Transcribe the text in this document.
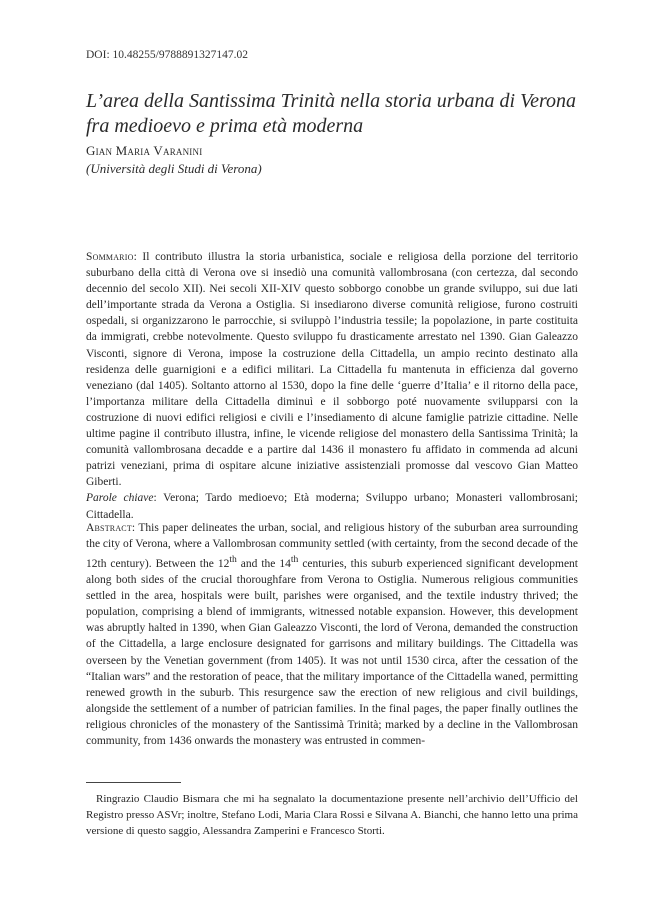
DOI: 10.48255/9788891327147.02
L’area della Santissima Trinità nella storia urbana di Verona
fra medioevo e prima età moderna
Gian Maria Varanini
(Università degli Studi di Verona)

Sommario: Il contributo illustra la storia urbanistica, sociale e religiosa della porzione del territorio suburbano della città di Verona ove si insediò una comunità vallombrosana (con certezza, dal secondo decennio del secolo XII). Nei secoli XII-XIV questo sobborgo conobbe un grande sviluppo, sui due lati dell’importante strada da Verona a Ostiglia. Si insediarono diverse comunità religiose, furono costruiti ospedali, si organizzarono le parrocchie, si sviluppò l’industria tessile; la popolazione, in parte costituita da immigrati, crebbe notevolmente. Questo sviluppo fu drasticamente arrestato nel 1390. Gian Galeazzo Visconti, signore di Verona, impose la costruzione della Cittadella, un ampio recinto destinato alla residenza delle guarnigioni e a edifici militari. La Cittadella fu mantenuta in efficienza dal governo veneziano (dal 1405). Soltanto attorno al 1530, dopo la fine delle ‘guerre d’Italia’ e il ritorno della pace, l’importanza militare della Cittadella diminuì e il sobborgo poté nuovamente svilupparsi con la costruzione di nuovi edifici religiosi e civili e l’insediamento di alcune famiglie patrizie cittadine. Nelle ultime pagine il contributo illustra, infine, le vicende religiose del monastero della Santissima Trinità; la comunità vallombrosana decadde e a partire dal 1436 il monastero fu affidato in commenda ad alcuni patrizi veneziani, prima di ospitare alcune iniziative assistenziali promosse dal vescovo Gian Matteo Giberti.
Parole chiave: Verona; Tardo medioevo; Età moderna; Sviluppo urbano; Monasteri vallombrosani; Cittadella.

Abstract: This paper delineates the urban, social, and religious history of the suburban area surrounding the city of Verona, where a Vallombrosan community settled (with certainty, from the second decade of the 12th century). Between the 12th and the 14th centuries, this suburb experienced significant development along both sides of the crucial thoroughfare from Verona to Ostiglia. Numerous religious communities settled in the area, hospitals were built, parishes were organised, and the textile industry thrived; the population, comprising a blend of immigrants, witnessed notable expansion. However, this development was abruptly halted in 1390, when Gian Galeazzo Visconti, the lord of Verona, demanded the construction of the Cittadella, a large enclosure designated for garrisons and military buildings. The Cittadella was overseen by the Venetian government (from 1405). It was not until 1530 circa, after the cessation of the “Italian wars” and the restoration of peace, that the military importance of the Cittadella waned, permitting renewed growth in the suburb. This resurgence saw the erection of new religious and civil buildings, alongside the settlement of a number of patrician families. In the final pages, the paper finally outlines the religious chronicles of the monastery of the Santissimà Trinità; marked by a decline in the Vallombrosan community, from 1436 onwards the monastery was entrusted in commen-

Ringrazio Claudio Bismara che mi ha segnalato la documentazione presente nell’archivio dell’Ufficio del Registro presso ASVr; inoltre, Stefano Lodi, Maria Clara Rossi e Silvana A. Bianchi, che hanno letto una prima versione di questo saggio, Alessandra Zamperini e Francesco Storti.
